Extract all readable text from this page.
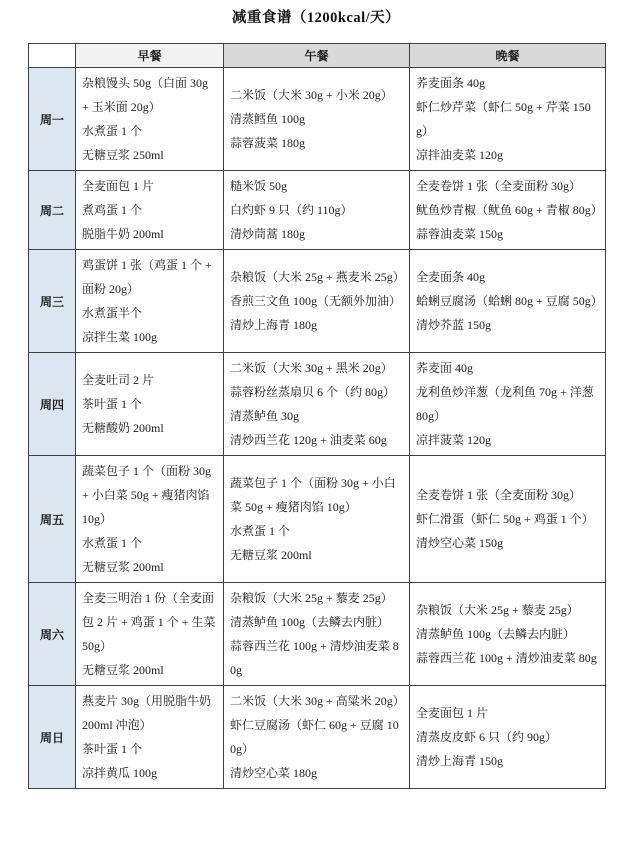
减重食谱（1200kcal/天）
	早餐	午餐	晚餐
周一	
杂粮馒头 50g（白面 30g + 玉米面 20g）
水煮蛋 1 个
无糖豆浆 250ml

二米饭（大米 30g + 小米 20g）
清蒸鳕鱼 100g
蒜蓉菠菜 180g

荞麦面条 40g
虾仁炒芹菜（虾仁 50g + 芹菜 150g）
凉拌油麦菜 120g

周二	
全麦面包 1 片
煮鸡蛋 1 个
脱脂牛奶 200ml

糙米饭 50g
白灼虾 9 只（约 110g）
清炒茼蒿 180g

全麦卷饼 1 张（全麦面粉 30g）
鱿鱼炒青椒（鱿鱼 60g + 青椒 80g）
蒜蓉油麦菜 150g

周三	
鸡蛋饼 1 张（鸡蛋 1 个 + 面粉 20g）
水煮蛋半个
凉拌生菜 100g

杂粮饭（大米 25g + 燕麦米 25g）
香煎三文鱼 100g（无额外加油）
清炒上海青 180g

全麦面条 40g
蛤蜊豆腐汤（蛤蜊 80g + 豆腐 50g）
清炒芥蓝 150g

周四	
全麦吐司 2 片
茶叶蛋 1 个
无糖酸奶 200ml

二米饭（大米 30g + 黑米 20g）
蒜蓉粉丝蒸扇贝 6 个（约 80g）
清蒸鲈鱼 30g
清炒西兰花 120g + 油麦菜 60g

荞麦面 40g
龙利鱼炒洋葱（龙利鱼 70g + 洋葱 80g）
凉拌菠菜 120g

周五	
蔬菜包子 1 个（面粉 30g + 小白菜 50g + 瘦猪肉馅 10g）
水煮蛋 1 个
无糖豆浆 200ml

蔬菜包子 1 个（面粉 30g + 小白菜 50g + 瘦猪肉馅 10g）
水煮蛋 1 个
无糖豆浆 200ml

全麦卷饼 1 张（全麦面粉 30g）
虾仁滑蛋（虾仁 50g + 鸡蛋 1 个）
清炒空心菜 150g

周六	
全麦三明治 1 份（全麦面包 2 片 + 鸡蛋 1 个 + 生菜 50g）
无糖豆浆 200ml

杂粮饭（大米 25g + 藜麦 25g）
清蒸鲈鱼 100g（去鳞去内脏）
蒜蓉西兰花 100g + 清炒油麦菜 80g

杂粮饭（大米 25g + 藜麦 25g）
清蒸鲈鱼 100g（去鳞去内脏）
蒜蓉西兰花 100g + 清炒油麦菜 80g

周日	
燕麦片 30g（用脱脂牛奶 200ml 冲泡）
茶叶蛋 1 个
凉拌黄瓜 100g

二米饭（大米 30g + 高粱米 20g）
虾仁豆腐汤（虾仁 60g + 豆腐 100g）
清炒空心菜 180g

全麦面包 1 片
清蒸皮皮虾 6 只（约 90g）
清炒上海青 150g
